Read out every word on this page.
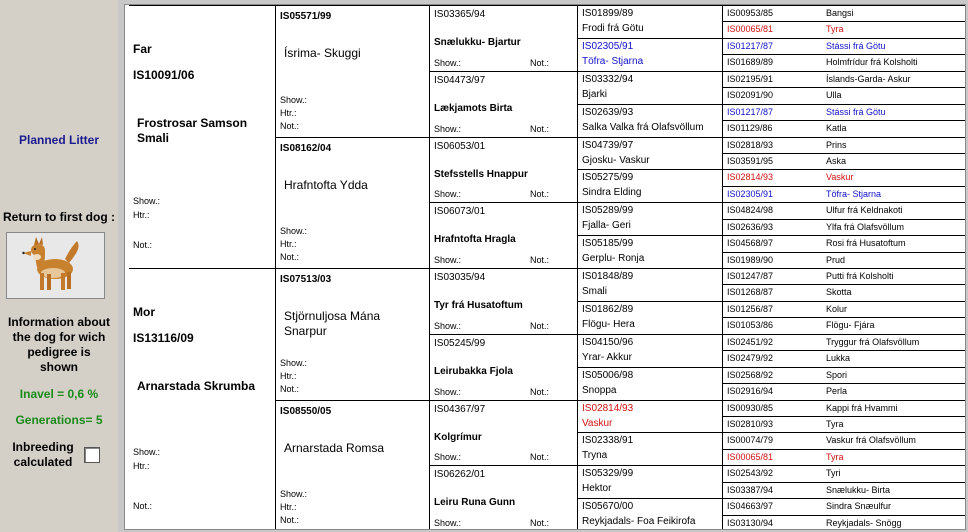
Planned Litter
Return to first dog :
Information about the dog for wich pedigree is shown
Inavel = 0,6 %
Generations= 5
Inbreeding calculated
Far
IS10091/06
Frostrosar Samson Smali
Show.:
Htr.:
Not.:
Mor
IS13116/09
Arnarstada Skrumba
Show.:
Htr.:
Not.:
IS05571/99
Ísrima- Skuggi
Show.:
Htr.:
Not.:
IS08162/04
Hrafntofta Ydda
Show.:
Htr.:
Not.:
IS07513/03
Stjörnuljosa Mána Snarpur
Show.:
Htr.:
Not.:
IS08550/05
Arnarstada Romsa
Show.:
Htr.:
Not.:
IS03365/94
Snælukku- Bjartur
Show.:	Not.:
IS04473/97
Lækjamots Birta
Show.:	Not.:
IS06053/01
Stefsstells Hnappur
Show.:	Not.:
IS06073/01
Hrafntofta Hragla
Show.:	Not.:
IS03035/94
Tyr frá Husatoftum
Show.:	Not.:
IS05245/99
Leirubakka Fjola
Show.:	Not.:
IS04367/97
Kolgrímur
Show.:	Not.:
IS06262/01
Leiru Runa Gunn
Show.:	Not.:
IS01899/89
Frodi frá Götu
IS02305/91
Töfra- Stjarna
IS03332/94
Bjarki
IS02639/93
Salka Valka frá Olafsvöllum
IS04739/97
Gjosku- Vaskur
IS05275/99
Sindra Elding
IS05289/99
Fjalla- Geri
IS05185/99
Gerplu- Ronja
IS01848/89
Smali
IS01862/89
Flögu- Hera
IS04150/96
Yrar- Akkur
IS05006/98
Snoppa
IS02814/93
Vaskur
IS02338/91
Tryna
IS05329/99
Hektor
IS05670/00
Reykjadals- Foa Feikirofa
IS00953/85	Bangsi
IS00065/81	Tyra
IS01217/87	Stássi frá Götu
IS01689/89	Holmfrídur frá Kolsholti
IS02195/91	Íslands-Garda- Askur
IS02091/90	Ulla
IS01217/87	Stássi frá Götu
IS01129/86	Katla
IS02818/93	Prins
IS03591/95	Aska
IS02814/93	Vaskur
IS02305/91	Töfra- Stjarna
IS04824/98	Ulfur frá Keldnakoti
IS02636/93	Ylfa frá Olafsvöllum
IS04568/97	Rosi frá Husatoftum
IS01989/90	Prud
IS01247/87	Putti frá Kolsholti
IS01268/87	Skotta
IS01256/87	Kolur
IS01053/86	Flögu- Fjára
IS02451/92	Tryggur frá Olafsvöllum
IS02479/92	Lukka
IS02568/92	Spori
IS02916/94	Perla
IS00930/85	Kappi frá Hvammi
IS02810/93	Tyra
IS00074/79	Vaskur frá Olafsvöllum
IS00065/81	Tyra
IS02543/92	Tyri
IS03387/94	Snælukku- Birta
IS04663/97	Sindra Snæulfur
IS03130/94	Reykjadals- Snögg
